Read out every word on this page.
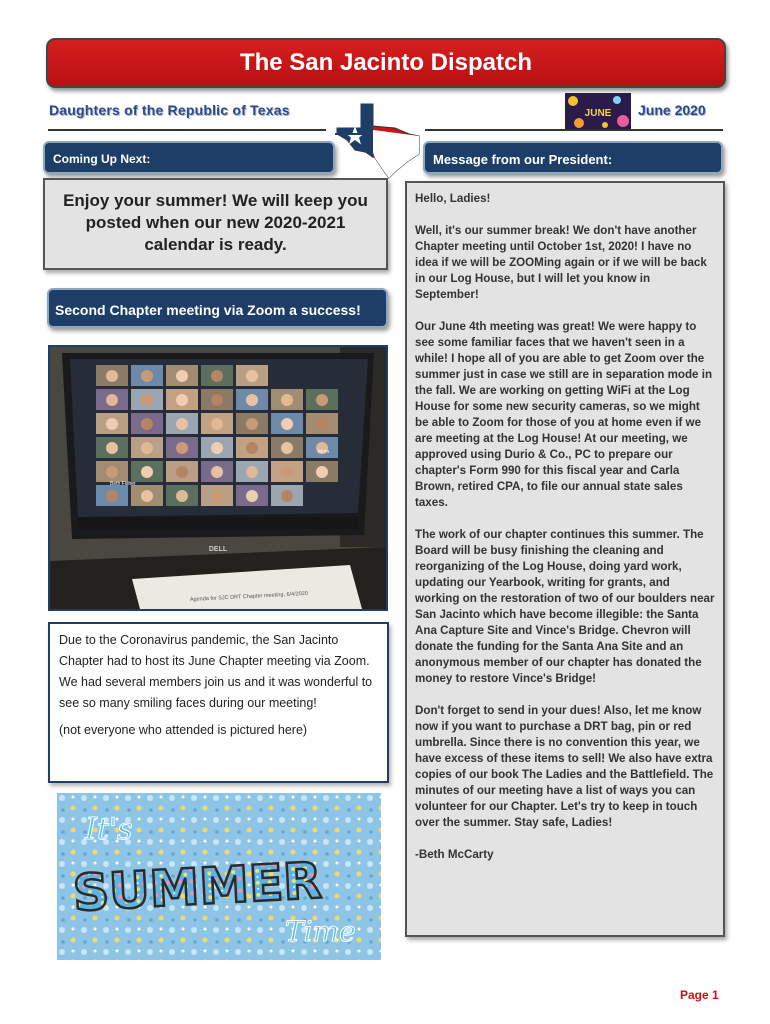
The San Jacinto Dispatch
Daughters of the Republic of Texas	JUNE June 2020
Coming Up Next:	Message from our President:
Enjoy your summer! We will keep you posted when our new 2020-2021 calendar is ready.
Second Chapter meeting via Zoom a success!
Beth Fisher
Mom
DELL
Agenda for SJC DRT Chapter meeting, 6/4/2020

Due to the Coronavirus pandemic, the San Jacinto Chapter had to host its June Chapter meeting via Zoom. We had several members join us and it was wonderful to see so many smiling faces during our meeting!

(not everyone who attended is pictured here)

It's
SUMMER
Time

Hello, Ladies!

Well, it's our summer break! We don't have another Chapter meeting until October 1st, 2020! I have no idea if we will be ZOOMing again or if we will be back in our Log House, but I will let you know in September!

Our June 4th meeting was great! We were happy to see some familiar faces that we haven't seen in a while! I hope all of you are able to get Zoom over the summer just in case we still are in separation mode in the fall. We are working on getting WiFi at the Log House for some new security cameras, so we might be able to Zoom for those of you at home even if we are meeting at the Log House! At our meeting, we approved using Durio & Co., PC to prepare our chapter's Form 990 for this fiscal year and Carla Brown, retired CPA, to file our annual state sales taxes.

The work of our chapter continues this summer. The Board will be busy finishing the cleaning and reorganizing of the Log House, doing yard work, updating our Yearbook, writing for grants, and working on the restoration of two of our boulders near San Jacinto which have become illegible: the Santa Ana Capture Site and Vince's Bridge. Chevron will donate the funding for the Santa Ana Site and an anonymous member of our chapter has donated the money to restore Vince's Bridge!

Don't forget to send in your dues! Also, let me know now if you want to purchase a DRT bag, pin or red umbrella. Since there is no convention this year, we have excess of these items to sell! We also have extra copies of our book The Ladies and the Battlefield. The minutes of our meeting have a list of ways you can volunteer for our Chapter. Let's try to keep in touch over the summer. Stay safe, Ladies!

-Beth McCarty

Page 1
